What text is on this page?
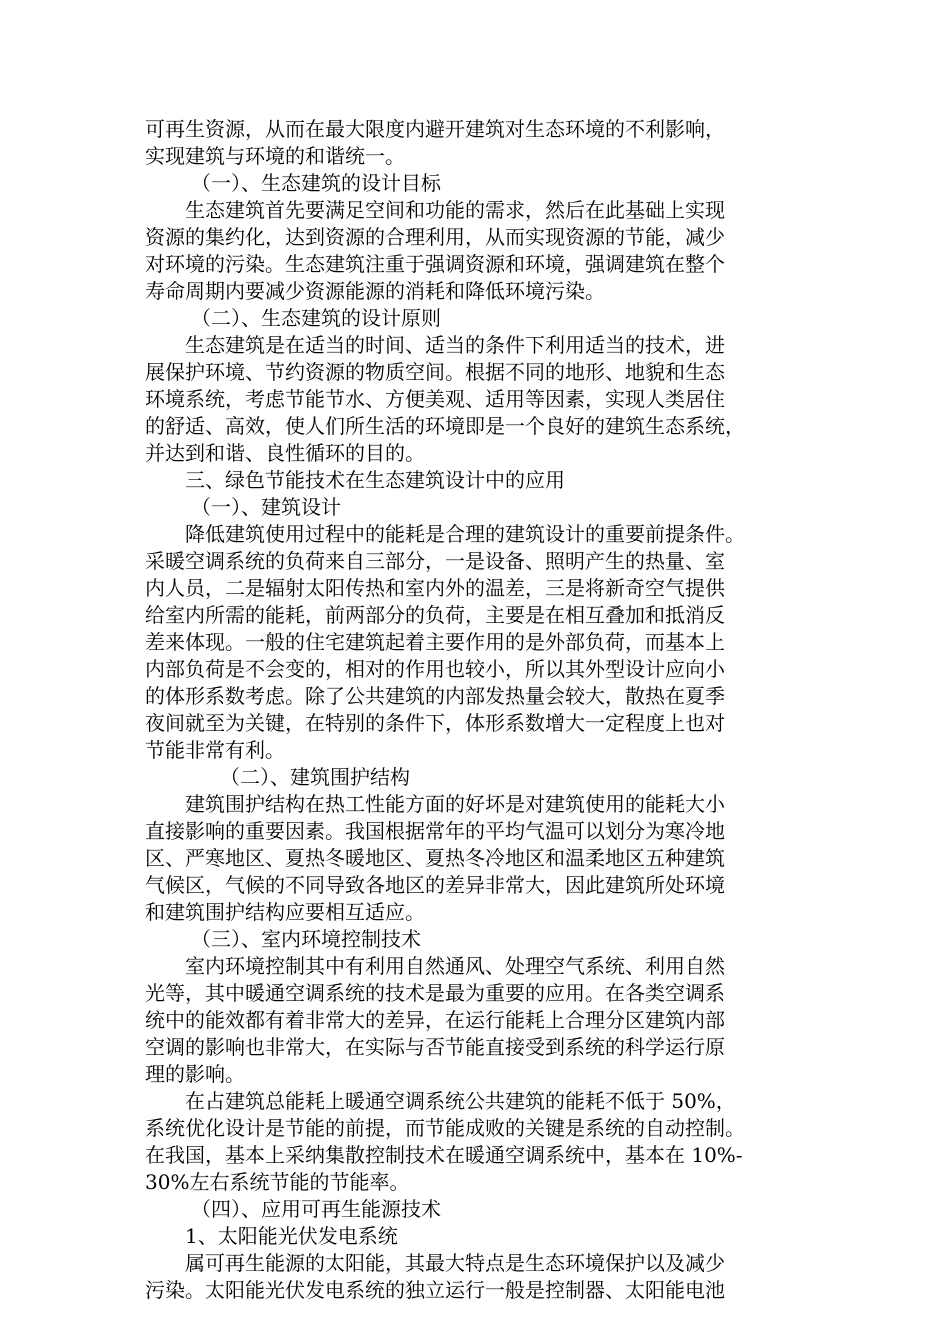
可再生资源，从而在最大限度内避开建筑对生态环境的不利影响，
实现建筑与环境的和谐统一。
（一）、生态建筑的设计目标
生态建筑首先要满足空间和功能的需求，然后在此基础上实现
资源的集约化，达到资源的合理利用，从而实现资源的节能，减少
对环境的污染。生态建筑注重于强调资源和环境，强调建筑在整个
寿命周期内要减少资源能源的消耗和降低环境污染。
（二）、生态建筑的设计原则
生态建筑是在适当的时间、适当的条件下利用适当的技术，进
展保护环境、节约资源的物质空间。根据不同的地形、地貌和生态
环境系统，考虑节能节水、方便美观、适用等因素，实现人类居住
的舒适、高效，使人们所生活的环境即是一个良好的建筑生态系统，
并达到和谐、良性循环的目的。
三、绿色节能技术在生态建筑设计中的应用
（一）、建筑设计
降低建筑使用过程中的能耗是合理的建筑设计的重要前提条件。
采暖空调系统的负荷来自三部分，一是设备、照明产生的热量、室
内人员，二是辐射太阳传热和室内外的温差，三是将新奇空气提供
给室内所需的能耗，前两部分的负荷，主要是在相互叠加和抵消反
差来体现。一般的住宅建筑起着主要作用的是外部负荷，而基本上
内部负荷是不会变的，相对的作用也较小，所以其外型设计应向小
的体形系数考虑。除了公共建筑的内部发热量会较大，散热在夏季
夜间就至为关键，在特别的条件下，体形系数增大一定程度上也对
节能非常有利。
（二）、建筑围护结构
建筑围护结构在热工性能方面的好坏是对建筑使用的能耗大小
直接影响的重要因素。我国根据常年的平均气温可以划分为寒冷地
区、严寒地区、夏热冬暖地区、夏热冬冷地区和温柔地区五种建筑
气候区，气候的不同导致各地区的差异非常大，因此建筑所处环境
和建筑围护结构应要相互适应。
（三）、室内环境控制技术
室内环境控制其中有利用自然通风、处理空气系统、利用自然
光等，其中暖通空调系统的技术是最为重要的应用。在各类空调系
统中的能效都有着非常大的差异，在运行能耗上合理分区建筑内部
空调的影响也非常大，在实际与否节能直接受到系统的科学运行原
理的影响。
在占建筑总能耗上暖通空调系统公共建筑的能耗不低于 50%，
系统优化设计是节能的前提，而节能成败的关键是系统的自动控制。
在我国，基本上采纳集散控制技术在暖通空调系统中，基本在 10%-
30%左右系统节能的节能率。
（四）、应用可再生能源技术
1、太阳能光伏发电系统
属可再生能源的太阳能，其最大特点是生态环境保护以及减少
污染。太阳能光伏发电系统的独立运行一般是控制器、太阳能电池
